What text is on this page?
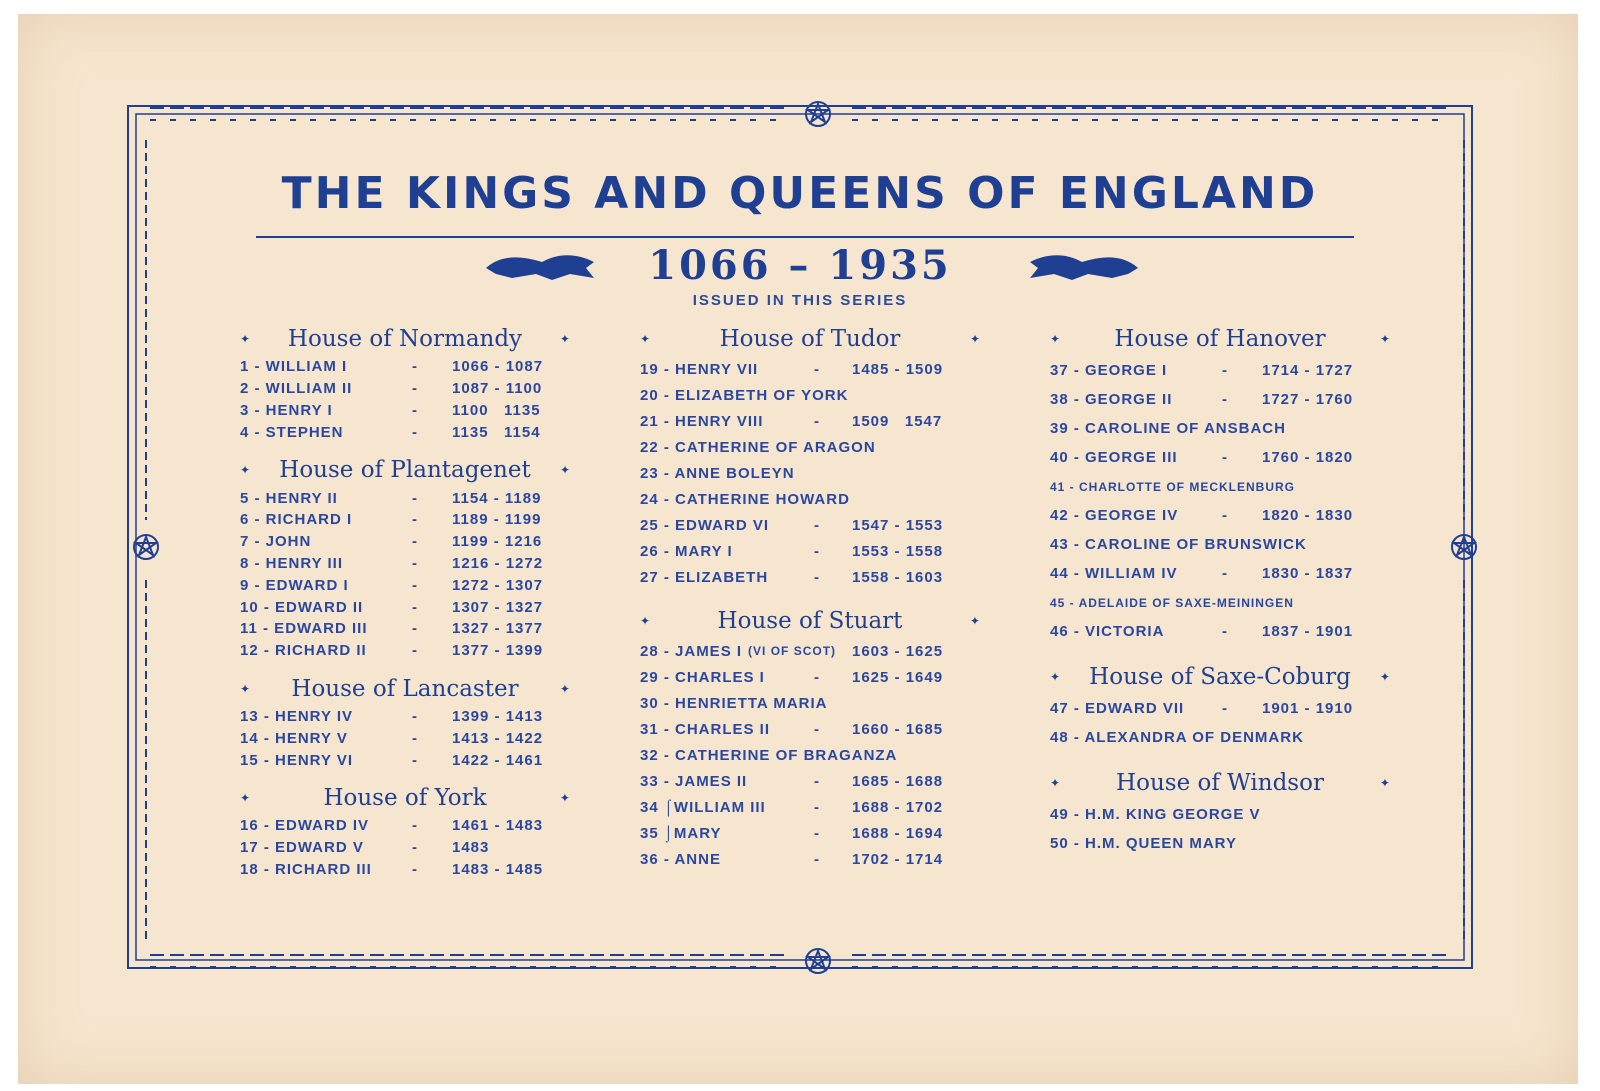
THE KINGS AND QUEENS OF ENGLAND
1066 – 1935
ISSUED IN THIS SERIES
✦ House of Normandy	✦
1 - WILLIAM I	- 1066 - 1087
2 - WILLIAM II	- 1087 - 1100
3 - HENRY I	- 1100   1135
4 - STEPHEN	- 1135   1154
✦ House of Plantagenet ✦
5 - HENRY II	- 1154 - 1189
6 - RICHARD I	- 1189 - 1199
7 - JOHN	- 1199 - 1216
8 - HENRY III	- 1216 - 1272
9 - EDWARD I	- 1272 - 1307
10 - EDWARD II	- 1307 - 1327
11 - EDWARD III	- 1327 - 1377
12 - RICHARD II	- 1377 - 1399
✦ House of Lancaster	✦
13 - HENRY IV	- 1399 - 1413
14 - HENRY V	- 1413 - 1422
15 - HENRY VI	- 1422 - 1461
✦	House of York	✦
16 - EDWARD IV	- 1461 - 1483
17 - EDWARD V	- 1483
18 - RICHARD III	- 1483 - 1485
✦	House of Tudor	✦
19 - HENRY VII	- 1485 - 1509
20 - ELIZABETH OF YORK
21 - HENRY VIII	- 1509   1547
22 - CATHERINE OF ARAGON
23 - ANNE BOLEYN
24 - CATHERINE HOWARD
25 - EDWARD VI	- 1547 - 1553
26 - MARY I	- 1553 - 1558
27 - ELIZABETH	- 1558 - 1603
✦	House of Stuart	✦
28 - JAMES I (VI OF SCOT) 1603 - 1625
29 - CHARLES I	- 1625 - 1649
30 - HENRIETTA MARIA
31 - CHARLES II	- 1660 - 1685
32 - CATHERINE OF BRAGANZA
33 - JAMES II	- 1685 - 1688
34 ⌠WILLIAM III	- 1688 - 1702
35 ⌡MARY	- 1688 - 1694
36 - ANNE	- 1702 - 1714
✦ House of Hanover	✦
37 - GEORGE I	- 1714 - 1727
38 - GEORGE II	- 1727 - 1760
39 - CAROLINE OF ANSBACH
40 - GEORGE III	- 1760 - 1820
41 - CHARLOTTE OF MECKLENBURG
42 - GEORGE IV	- 1820 - 1830
43 - CAROLINE OF BRUNSWICK
44 - WILLIAM IV	- 1830 - 1837
45 - ADELAIDE OF SAXE-MEININGEN
46 - VICTORIA	- 1837 - 1901
✦ House of Saxe-Coburg ✦
47 - EDWARD VII	- 1901 - 1910
48 - ALEXANDRA OF DENMARK
✦ House of Windsor	✦
49 - H.M. KING GEORGE V
50 - H.M. QUEEN MARY
